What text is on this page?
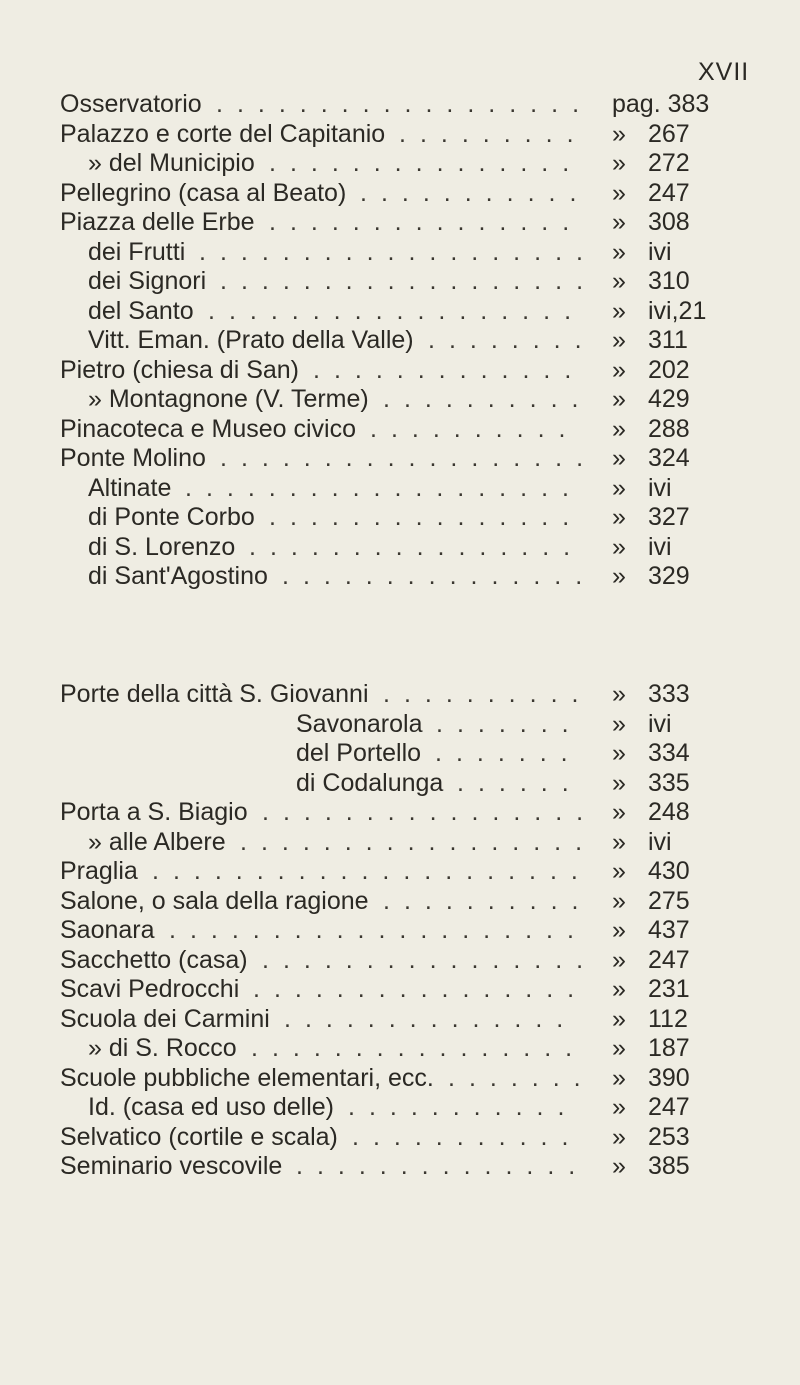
XVII
Osservatorio .................. pag. 383
Palazzo e corte del Capitanio ......... » 267
» del Municipio ............... » 272
Pellegrino (casa al Beato) ........... » 247
Piazza delle Erbe ............... » 308
dei Frutti ................... » ivi
dei Signori .................. » 310
del Santo .................. » ivi,21
Vitt. Eman. (Prato della Valle) ........ » 311
Pietro (chiesa di San) ............. » 202
» Montagnone (V. Terme) .......... » 429
Pinacoteca e Museo civico .......... » 288
Ponte Molino .................. » 324
Altinate ................... » ivi
di Ponte Corbo ............... » 327
di S. Lorenzo ................ » ivi
di Sant'Agostino ............... » 329
Porte della città S. Giovanni .......... » 333
Savonarola ....... » ivi
del Portello ....... » 334
di Codalunga ...... » 335
Porta a S. Biagio ................ » 248
» alle Albere ................. » ivi
Praglia ..................... » 430
Salone, o sala della ragione .......... » 275
Saonara .................... » 437
Sacchetto (casa) ................ » 247
Scavi Pedrocchi ................ » 231
Scuola dei Carmini .............. » 112
» di S. Rocco ................ » 187
Scuole pubbliche elementari, ecc. ....... » 390
Id. (casa ed uso delle) ........... » 247
Selvatico (cortile e scala) ........... » 253
Seminario vescovile .............. » 385
